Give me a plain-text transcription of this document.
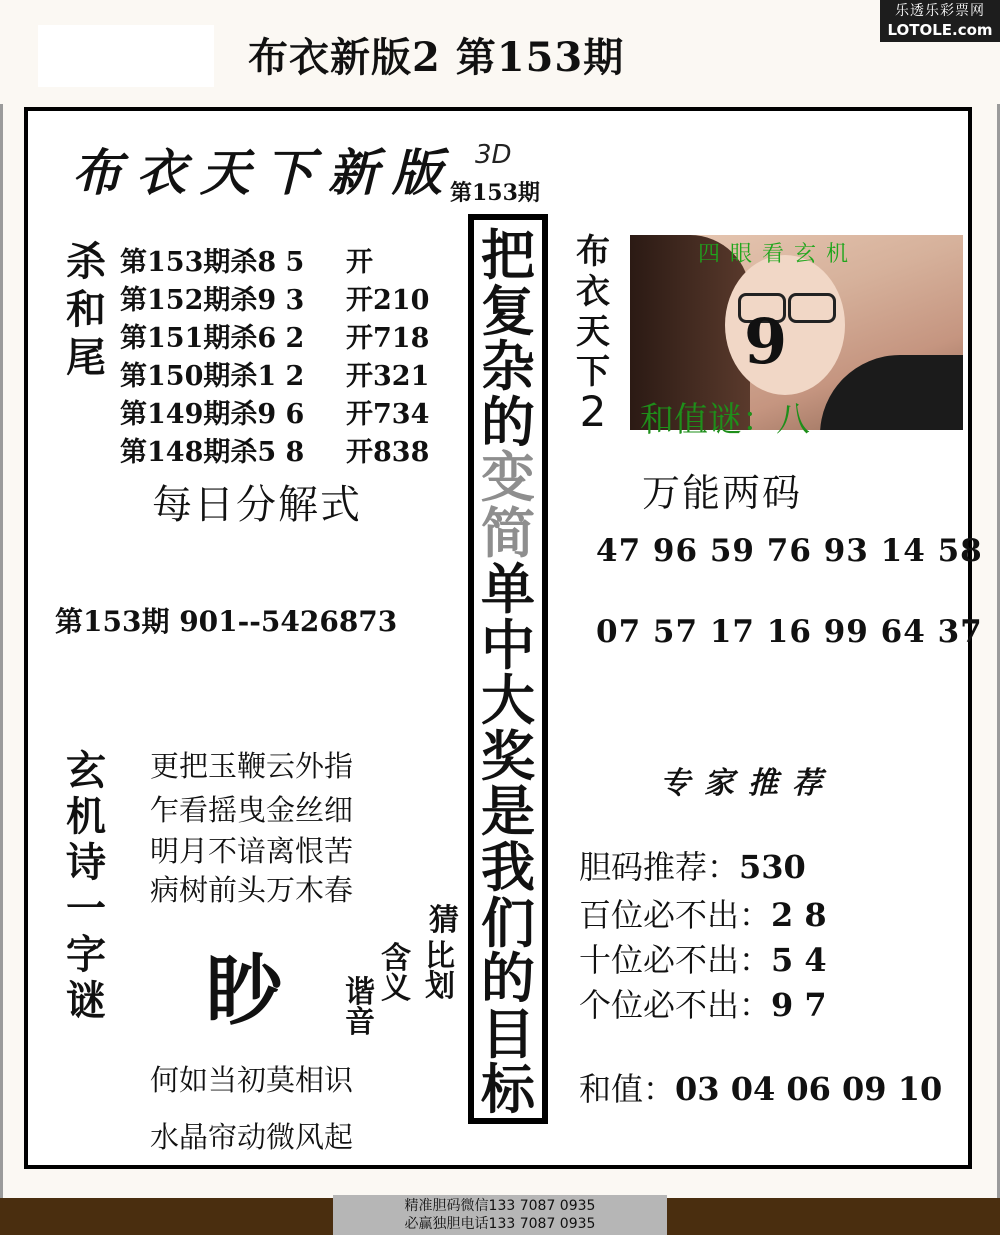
布衣新版2 第153期
乐透乐彩票网
LOTOLE.com
布衣天下新版 3D
第153期
杀
和
尾
第153期杀8 5	开
第152期杀9 3	开210
第151期杀6 2	开718
第150期杀1 2	开321
第149期杀9 6	开734
第148期杀5 8	开838
每日分解式
第153期 901--5426873
把
复
杂
的
变
简
单
中
大
奖
是
我
们
的
目
标
布
衣
天
下
2
四眼看玄机
9
和值谜：八
万能两码
47 96 59 76 93 14 58
07 57 17 16 99 64 37
专家推荐
胆码推荐：530
百位必不出：2 8
十位必不出：5 4
个位必不出：9 7
和值：03 04 06 09 10
玄
机
诗
一
字
谜
更把玉鞭云外指
乍看摇曳金丝细
明月不谙离恨苦
病树前头万木春
眇 谐
音
含
义
比
划
猜
何如当初莫相识
水晶帘动微风起
精准胆码微信133 7087 0935
必赢独胆电话133 7087 0935
